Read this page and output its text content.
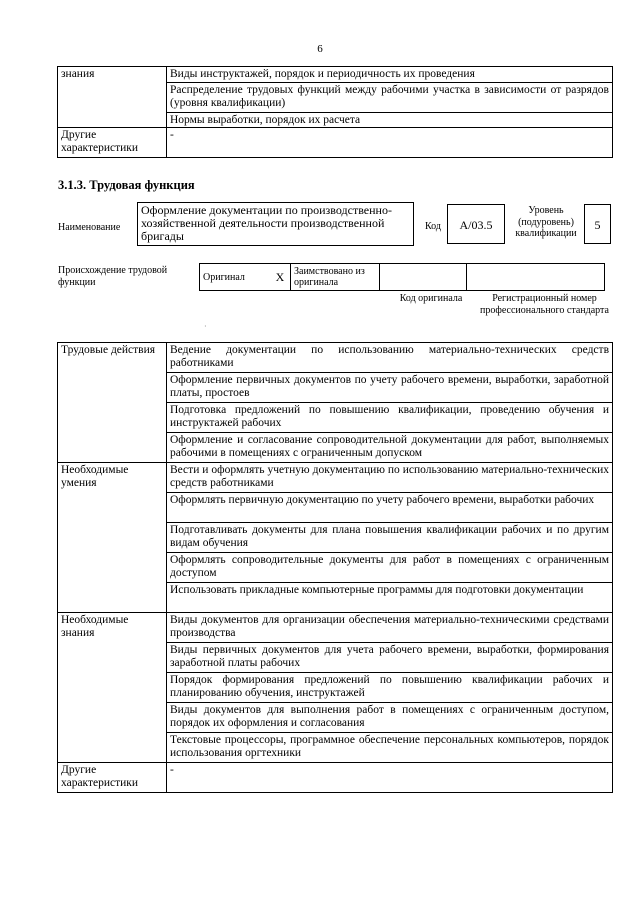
6
знания	Виды инструктажей, порядок и периодичность их проведения
	Распределение трудовых функций между рабочими участка в зависимости от разрядов (уровня квалификации)
	Нормы выработки, порядок их расчета
Другие характеристики	-
3.1.3. Трудовая функция
Наименование
Оформление документации по производственно-хозяйственной деятельности производственной бригады
Код	A/03.5
Уровень (подуровень) квалификации
5
Происхождение трудовой функции	Оригинал	X	Заимствовано из оригинала		
Код оригинала	Регистрационный номер профессионального стандарта
·
Трудовые действия	Ведение документации по использованию материально-технических средств работниками
	Оформление первичных документов по учету рабочего времени, выработки, заработной платы, простоев
	Подготовка предложений по повышению квалификации, проведению обучения и инструктажей рабочих
	Оформление и согласование сопроводительной документации для работ, выполняемых рабочими в помещениях с ограниченным допуском
Необходимые умения	Вести и оформлять учетную документацию по использованию материально-технических средств работниками
	Оформлять первичную документацию по учету рабочего времени, выработки рабочих
	Подготавливать документы для плана повышения квалификации рабочих и по другим видам обучения
	Оформлять сопроводительные документы для работ в помещениях с ограниченным доступом
	Использовать прикладные компьютерные программы для подготовки документации
Необходимые знания	Виды документов для организации обеспечения материально-техническими средствами производства
	Виды первичных документов для учета рабочего времени, выработки, формирования заработной платы рабочих
	Порядок формирования предложений по повышению квалификации рабочих и планированию обучения, инструктажей
	Виды документов для выполнения работ в помещениях с ограниченным доступом, порядок их оформления и согласования
	Текстовые процессоры, программное обеспечение персональных компьютеров, порядок использования оргтехники
Другие характеристики	-
